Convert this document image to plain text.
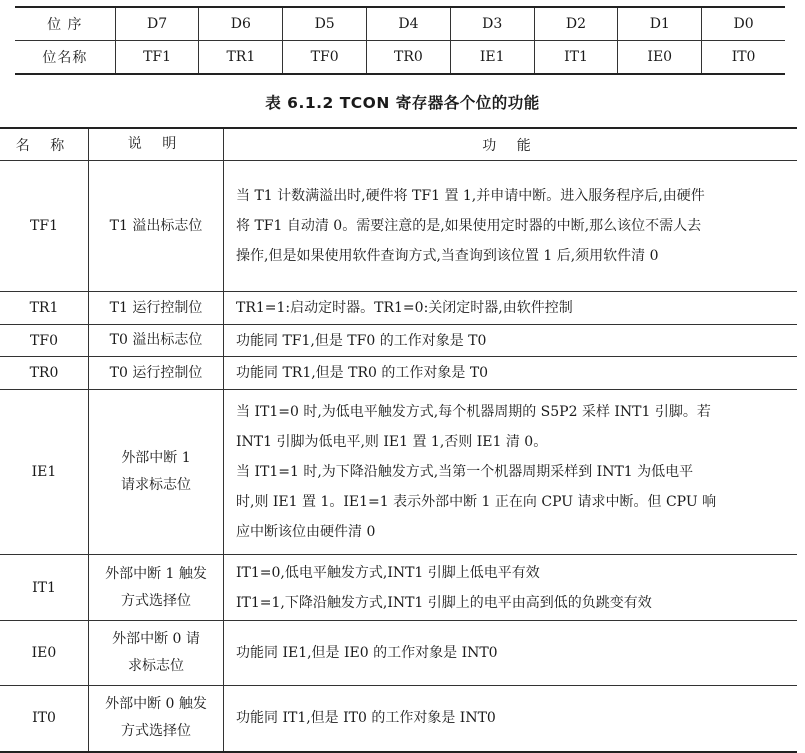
位 序	D7	D6	D5	D4	D3	D2	D1	D0
位名称	TF1	TR1	TF0	TR0	IE1	IT1	IE0	IT0
表 6.1.2 TCON 寄存器各个位的功能
名 称	说 明	功 能
TF1	T1 溢出标志位	当 T1 计数满溢出时,硬件将 TF1 置 1,并申请中断。进入服务程序后,由硬件
将 TF1 自动清 0。需要注意的是,如果使用定时器的中断,那么该位不需人去
操作,但是如果使用软件查询方式,当查询到该位置 1 后,须用软件清 0

TR1	T1 运行控制位	TR1=1:启动定时器。TR1=0:关闭定时器,由软件控制

TF0	T0 溢出标志位	功能同 TF1,但是 TF0 的工作对象是 T0

TR0	T0 运行控制位	功能同 TR1,但是 TR0 的工作对象是 T0

IE1	外部中断 1
请求标志位	当 IT1=0 时,为低电平触发方式,每个机器周期的 S5P2 采样 INT1 引脚。若
INT1 引脚为低电平,则 IE1 置 1,否则 IE1 清 0。
当 IT1=1 时,为下降沿触发方式,当第一个机器周期采样到 INT1 为低电平
时,则 IE1 置 1。IE1=1 表示外部中断 1 正在向 CPU 请求中断。但 CPU 响
应中断该位由硬件清 0

IT1	外部中断 1 触发
方式选择位	IT1=0,低电平触发方式,INT1 引脚上低电平有效
IT1=1,下降沿触发方式,INT1 引脚上的电平由高到低的负跳变有效

IE0	外部中断 0 请
求标志位	功能同 IE1,但是 IE0 的工作对象是 INT0

IT0	外部中断 0 触发
方式选择位	功能同 IT1,但是 IT0 的工作对象是 INT0
